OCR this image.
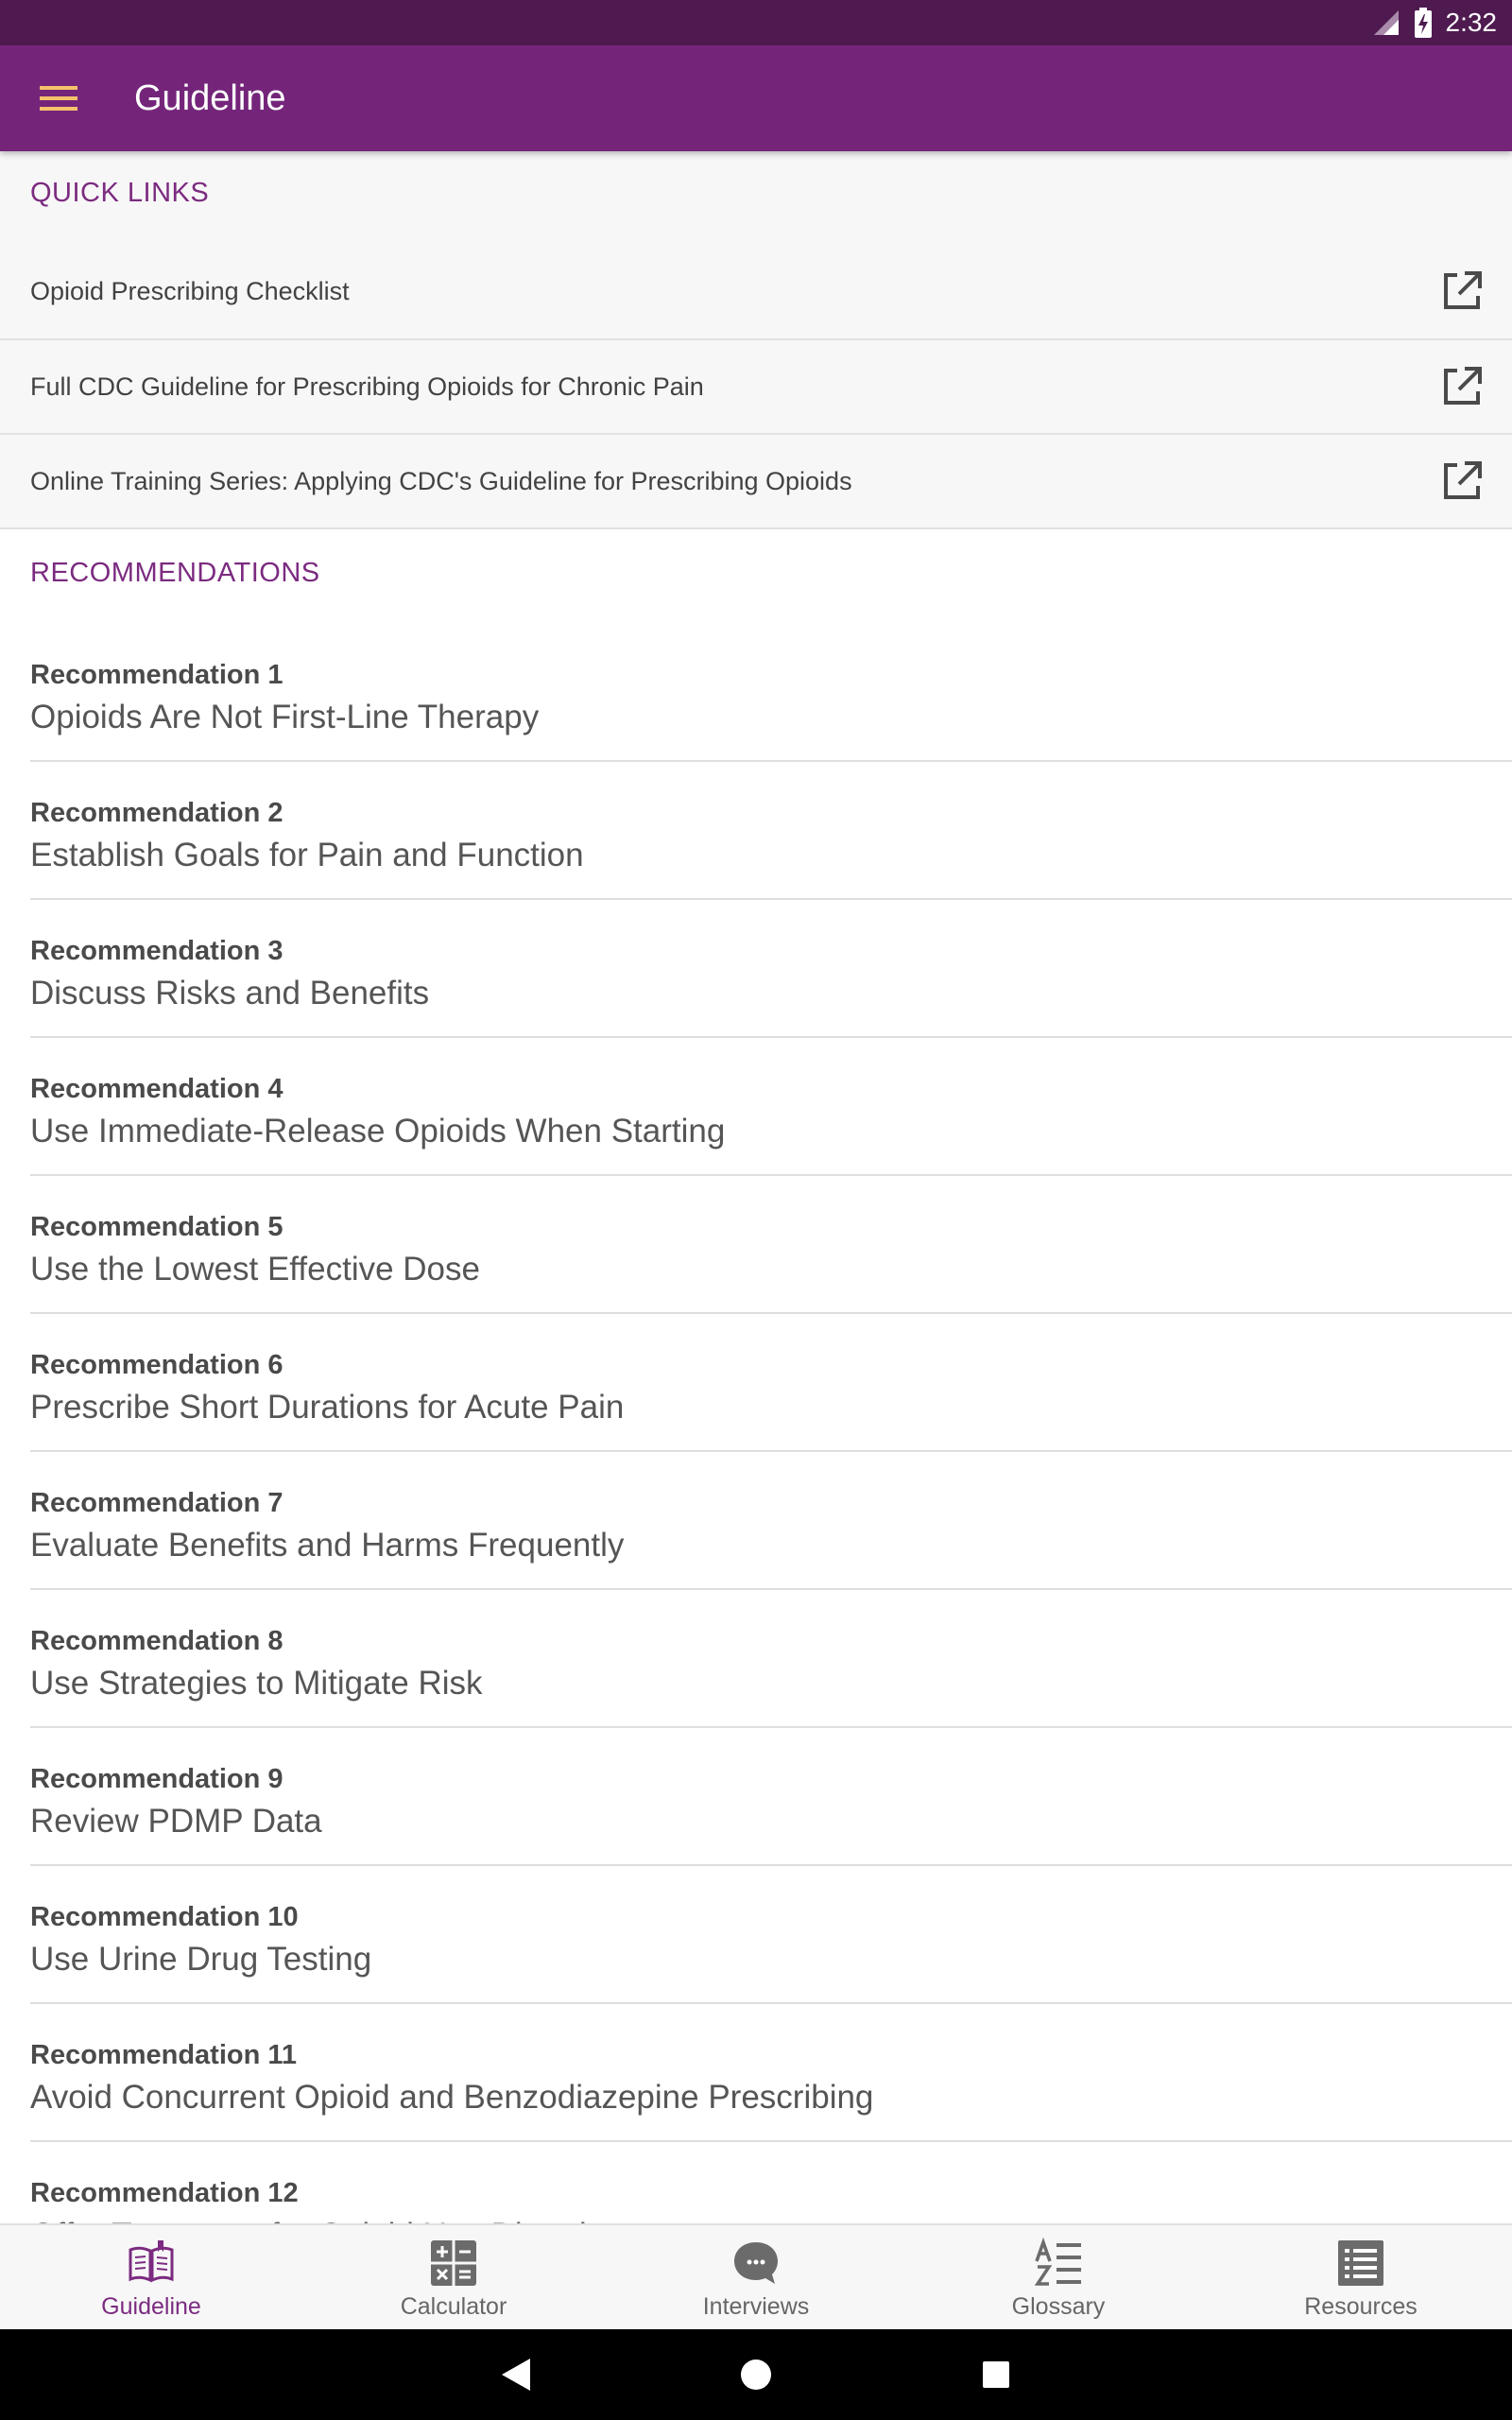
2:32
Guideline
QUICK LINKS
Opioid Prescribing Checklist
Full CDC Guideline for Prescribing Opioids for Chronic Pain
Online Training Series: Applying CDC's Guideline for Prescribing Opioids
RECOMMENDATIONS
Recommendation 1
Opioids Are Not First-Line Therapy
Recommendation 2
Establish Goals for Pain and Function
Recommendation 3
Discuss Risks and Benefits
Recommendation 4
Use Immediate-Release Opioids When Starting
Recommendation 5
Use the Lowest Effective Dose
Recommendation 6
Prescribe Short Durations for Acute Pain
Recommendation 7
Evaluate Benefits and Harms Frequently
Recommendation 8
Use Strategies to Mitigate Risk
Recommendation 9
Review PDMP Data
Recommendation 10
Use Urine Drug Testing
Recommendation 11
Avoid Concurrent Opioid and Benzodiazepine Prescribing
Recommendation 12
Guideline	Calculator	Interviews	Glossary	Resources
